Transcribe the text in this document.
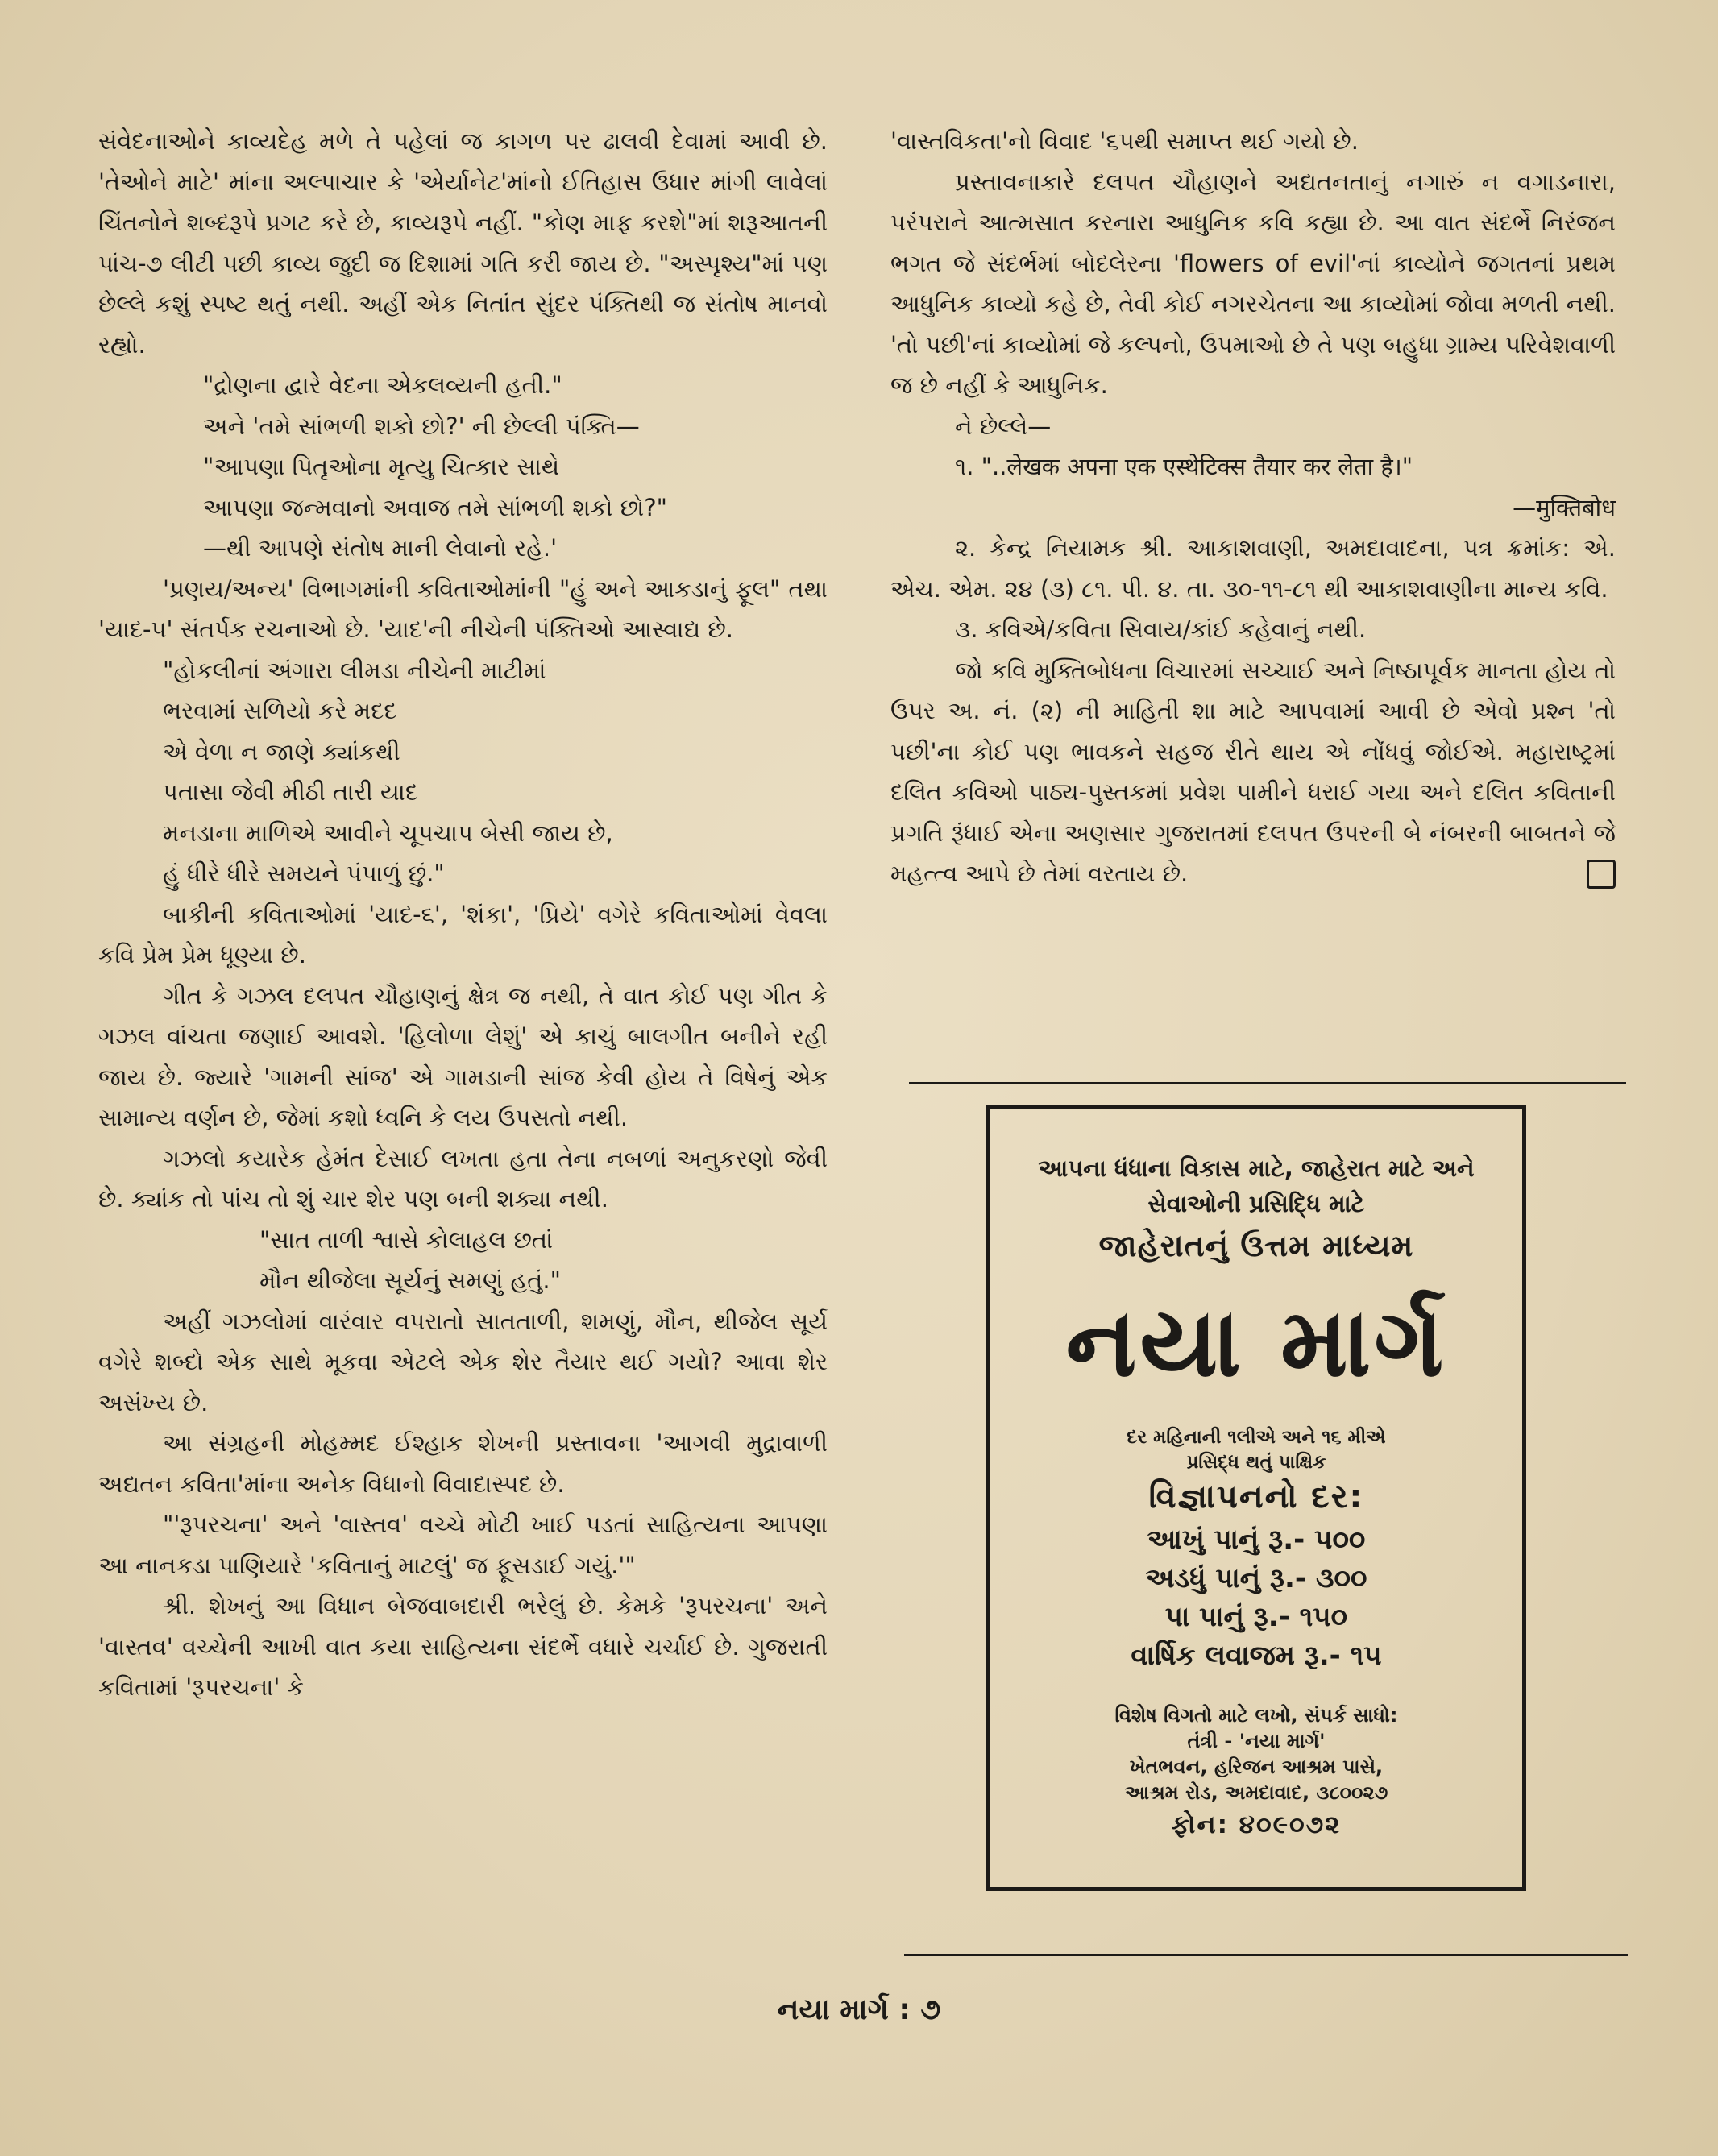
સંવેદનાઓને કાવ્યદેહ મળે તે પહેલાં જ કાગળ પર ઢાલવી દેવામાં આવી છે. 'તેઓને માટે' માંના અલ્પાચાર કે 'એર્યાનેટ'માંનો ઈતિહાસ ઉધાર માંગી લાવેલાં ચિંતનોને શબ્દરૂપે પ્રગટ કરે છે, કાવ્યરૂપે નહીં. "કોણ માફ કરશે"માં શરૂઆતની પાંચ-૭ લીટી પછી કાવ્ય જુદી જ દિશામાં ગતિ કરી જાય છે. "અસ્પૃશ્ય"માં પણ છેલ્લે કશું સ્પષ્ટ થતું નથી. અહીં એક નિતાંત સુંદર પંક્તિથી જ સંતોષ માનવો રહ્યો.

"દ્રોણના દ્વારે વેદના એકલવ્યની હતી."

અને 'તમે સાંભળી શકો છો?' ની છેલ્લી પંક્તિ—

"આપણા પિતૃઓના મૃત્યુ ચિત્કાર સાથે

આપણા જન્મવાનો અવાજ તમે સાંભળી શકો છો?"

—થી આપણે સંતોષ માની લેવાનો રહે.'

'પ્રણય/અન્ય' વિભાગમાંની કવિતાઓમાંની "હું અને આકડાનું ફૂલ" તથા 'યાદ-૫' સંતર્પક રચનાઓ છે. 'યાદ'ની નીચેની પંક્તિઓ આસ્વાદ્ય છે.

"હોકલીનાં અંગારા લીમડા નીચેની માટીમાં

ભરવામાં સળિયો કરે મદદ

એ વેળા ન જાણે ક્યાંકથી

પતાસા જેવી મીઠી તારી યાદ

મનડાના માળિએ આવીને ચૂપચાપ બેસી જાય છે,

હું ધીરે ધીરે સમયને પંપાળું છું."

બાકીની કવિતાઓમાં 'યાદ-૬', 'શંકા', 'પ્રિયે' વગેરે કવિતાઓમાં વેવલા કવિ પ્રેમ પ્રેમ ધૂણ્યા છે.

ગીત કે ગઝલ દલપત ચૌહાણનું ક્ષેત્ર જ નથી, તે વાત કોઈ પણ ગીત કે ગઝલ વાંચતા જણાઈ આવશે. 'હિલોળા લેશું' એ કાચું બાલગીત બનીને રહી જાય છે. જ્યારે 'ગામની સાંજ' એ ગામડાની સાંજ કેવી હોય તે વિષેનું એક સામાન્ય વર્ણન છે, જેમાં કશો ધ્વનિ કે લય ઉપસતો નથી.

ગઝલો કયારેક હેમંત દેસાઈ લખતા હતા તેના નબળાં અનુકરણો જેવી છે. ક્યાંક તો પાંચ તો શું ચાર શેર પણ બની શક્યા નથી.

"સાત તાળી શ્વાસે કોલાહલ છતાં

મૌન થીજેલા સૂર્યનું સમણું હતું."

અહીં ગઝલોમાં વારંવાર વપરાતો સાતતાળી, શમણું, મૌન, થીજેલ સૂર્ય વગેરે શબ્દો એક સાથે મૂકવા એટલે એક શેર તૈયાર થઈ ગયો? આવા શેર અસંખ્ય છે.

આ સંગ્રહની મોહમ્મદ ઈશ્હાક શેખની પ્રસ્તાવના 'આગવી મુદ્રાવાળી અદ્યતન કવિતા'માંના અનેક વિધાનો વિવાદાસ્પદ છે.

"'રૂપરચના' અને 'વાસ્તવ' વચ્ચે મોટી ખાઈ પડતાં સાહિત્યના આપણા આ નાનકડા પાણિયારે 'કવિતાનું માટલું' જ ફૂસડાઈ ગયું.'"

શ્રી. શેખનું આ વિધાન બેજવાબદારી ભરેલું છે. કેમકે 'રૂપરચના' અને 'વાસ્તવ' વચ્ચેની આખી વાત કયા સાહિત્યના સંદર્ભે વધારે ચર્ચાઈ છે. ગુજરાતી કવિતામાં 'રૂપરચના' કે

'વાસ્તવિકતા'નો વિવાદ '૬૫થી સમાપ્ત થઈ ગયો છે.

પ્રસ્તાવનાકારે દલપત ચૌહાણને અદ્યતનતાનું નગારું ન વગાડનારા, પરંપરાને આત્મસાત કરનારા આધુનિક કવિ કહ્યા છે. આ વાત સંદર્ભે નિરંજન ભગત જે સંદર્ભમાં બોદલેરના 'flowers of evil'નાં કાવ્યોને જગતનાં પ્રથમ આધુનિક કાવ્યો કહે છે, તેવી કોઈ નગરચેતના આ કાવ્યોમાં જોવા મળતી નથી. 'તો પછી'નાં કાવ્યોમાં જે કલ્પનો, ઉપમાઓ છે તે પણ બહુધા ગ્રામ્ય પરિવેશવાળી જ છે નહીં કે આધુનિક.

ને છેલ્લે—

૧. "..लेखक अपना एक एस्थेटिक्स तैयार कर लेता है।"

—मुक्तिबोध

૨. કેન્દ્ર નિયામક શ્રી. આકાશવાણી, અમદાવાદના, પત્ર ક્રમાંક: એ. એચ. એમ. ૨૪ (૩) ૮૧. પી. ૪. તા. ૩૦-૧૧-૮૧ થી આકાશવાણીના માન્ય કવિ.

૩. કવિએ/કવિતા સિવાય/કાંઈ કહેવાનું નથી.

જો કવિ મુક્તિબોધના વિચારમાં સચ્ચાઈ અને નિષ્ઠાપૂર્વક માનતા હોય તો ઉપર અ. નં. (૨) ની માહિતી શા માટે આપવામાં આવી છે એવો પ્રશ્ન 'તો પછી'ના કોઈ પણ ભાવકને સહજ રીતે થાય એ નોંધવું જોઈએ. મહારાષ્ટ્રમાં દલિત કવિઓ પાઠ્ય-પુસ્તકમાં પ્રવેશ પામીને ધરાઈ ગયા અને દલિત કવિતાની પ્રગતિ રૂંધાઈ એના અણસાર ગુજરાતમાં દલપત ઉપરની બે નંબરની બાબતને જે મહત્ત્વ આપે છે તેમાં વરતાય છે.

આપના ધંધાના વિકાસ માટે, જાહેરાત માટે અને સેવાઓની પ્રસિદ્ધિ માટે
જાહેરાતનું ઉત્તમ માધ્યમ
નયા માર્ગ
દર મહિનાની ૧લીએ અને ૧૬ મીએ
પ્રસિદ્ધ થતું પાક્ષિક
વિજ્ઞાપનનો દર:
આખું પાનું રૂ.- ૫૦૦
અડધું પાનું રૂ.- ૩૦૦
પા પાનું રૂ.- ૧૫૦
વાર્ષિક લવાજમ રૂ.- ૧૫
વિશેષ વિગતો માટે લખો, સંપર્ક સાધો:
તંત્રી - 'નયા માર્ગ'
ખેતભવન, હરિજન આશ્રમ પાસે,
આશ્રમ રોડ, અમદાવાદ, ૩૮૦૦૨૭
ફોન: ૪૦૯૦૭૨
નયા માર્ગ : ૭
